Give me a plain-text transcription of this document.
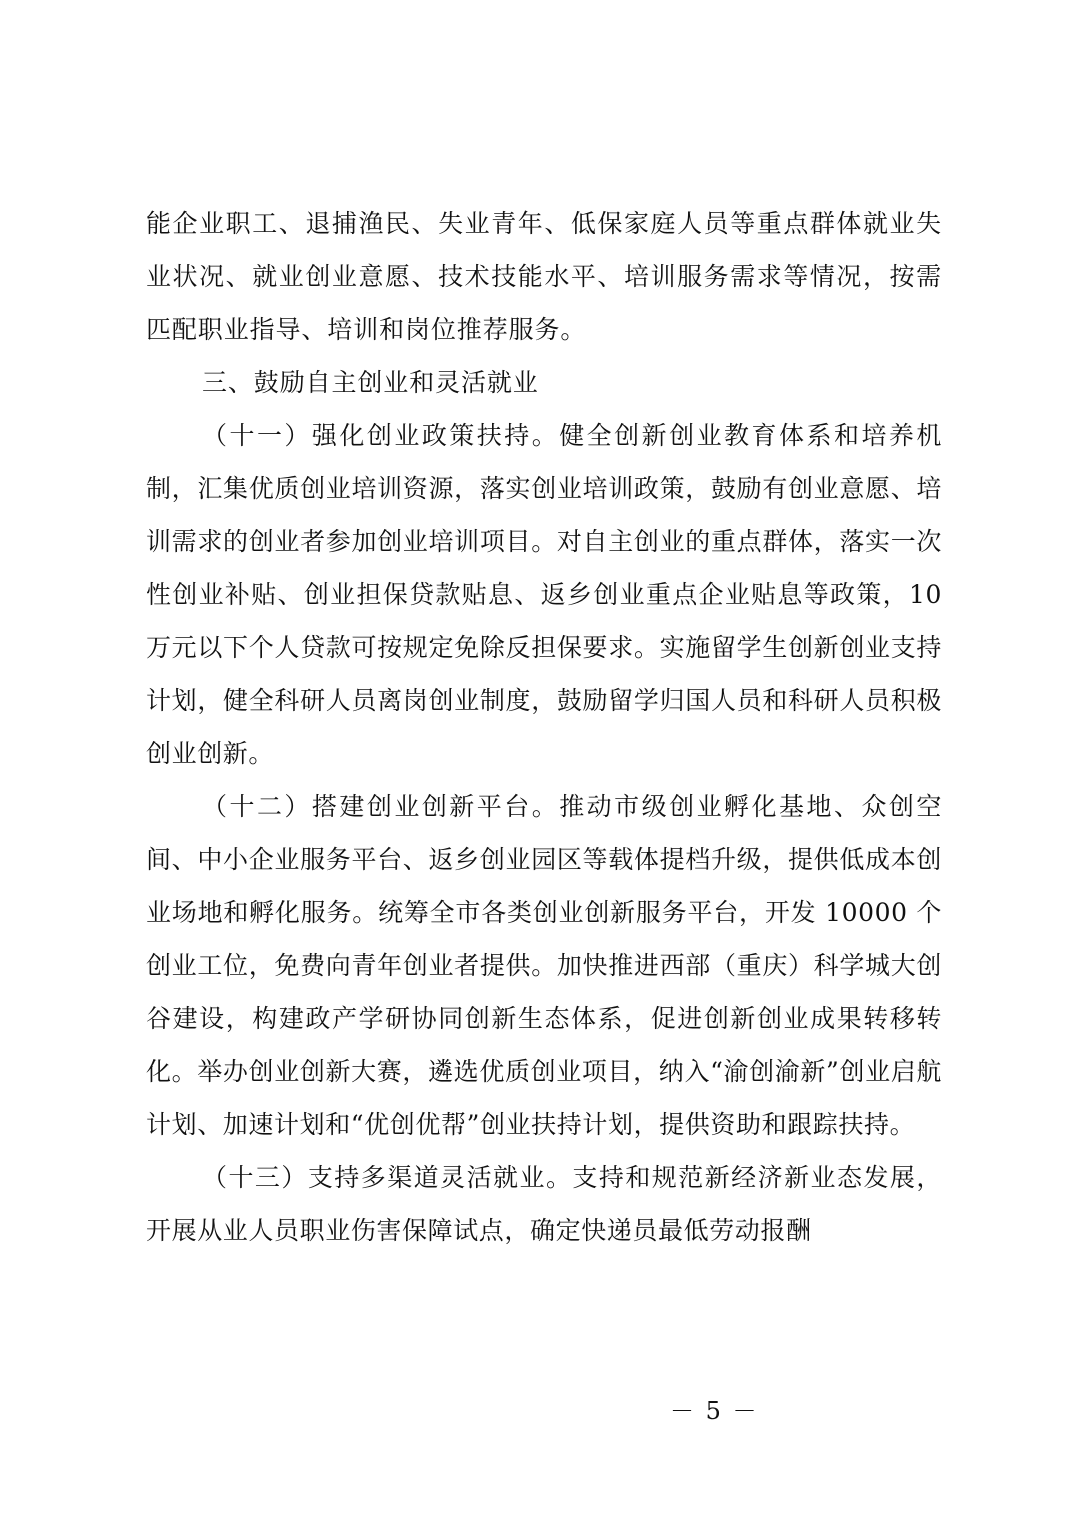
能企业职工、退捕渔民、失业青年、低保家庭人员等重点群体就业失业状况、就业创业意愿、技术技能水平、培训服务需求等情况，按需匹配职业指导、培训和岗位推荐服务。

三、鼓励自主创业和灵活就业

（十一）强化创业政策扶持。健全创新创业教育体系和培养机制，汇集优质创业培训资源，落实创业培训政策，鼓励有创业意愿、培训需求的创业者参加创业培训项目。对自主创业的重点群体，落实一次性创业补贴、创业担保贷款贴息、返乡创业重点企业贴息等政策，10 万元以下个人贷款可按规定免除反担保要求。实施留学生创新创业支持计划，健全科研人员离岗创业制度，鼓励留学归国人员和科研人员积极创业创新。

（十二）搭建创业创新平台。推动市级创业孵化基地、众创空间、中小企业服务平台、返乡创业园区等载体提档升级，提供低成本创业场地和孵化服务。统筹全市各类创业创新服务平台，开发 10000 个创业工位，免费向青年创业者提供。加快推进西部（重庆）科学城大创谷建设，构建政产学研协同创新生态体系，促进创新创业成果转移转化。举办创业创新大赛，遴选优质创业项目，纳入“渝创渝新”创业启航计划、加速计划和“优创优帮”创业扶持计划，提供资助和跟踪扶持。

（十三）支持多渠道灵活就业。支持和规范新经济新业态发展，开展从业人员职业伤害保障试点，确定快递员最低劳动报酬

－ 5 －
